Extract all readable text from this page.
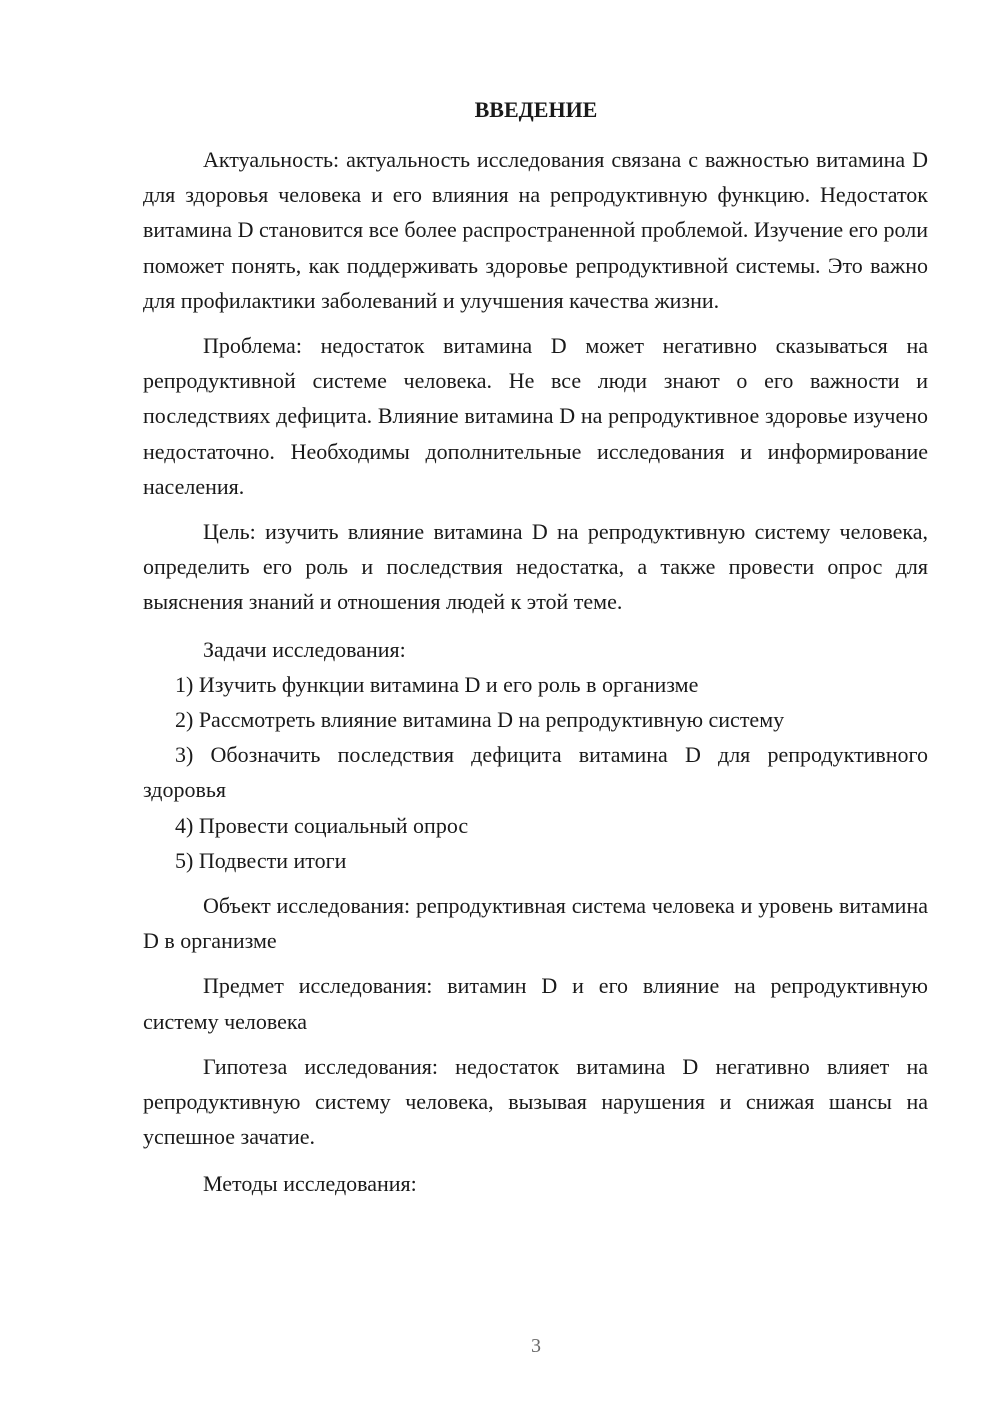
ВВЕДЕНИЕ

Актуальность: актуальность исследования связана с важностью витамина D для здоровья человека и его влияния на репродуктивную функцию. Недостаток витамина D становится все более распространенной проблемой. Изучение его роли поможет понять, как поддерживать здоровье репродуктивной системы. Это важно для профилактики заболеваний и улучшения качества жизни.

Проблема: недостаток витамина D может негативно сказываться на репродуктивной системе человека. Не все люди знают о его важности и последствиях дефицита. Влияние витамина D на репродуктивное здоровье изучено недостаточно. Необходимы дополнительные исследования и информирование населения.

Цель: изучить влияние витамина D на репродуктивную систему человека, определить его роль и последствия недостатка, а также провести опрос для выяснения знаний и отношения людей к этой теме.

Задачи исследования:

1) Изучить функции витамина D и его роль в организме

2) Рассмотреть влияние витамина D на репродуктивную систему

3) Обозначить последствия дефицита витамина D для репродуктивного здоровья

4) Провести социальный опрос

5) Подвести итоги

Объект исследования: репродуктивная система человека и уровень витамина D в организме

Предмет исследования: витамин D и его влияние на репродуктивную систему человека

Гипотеза исследования: недостаток витамина D негативно влияет на репродуктивную систему человека, вызывая нарушения и снижая шансы на успешное зачатие.

Методы исследования:

3
